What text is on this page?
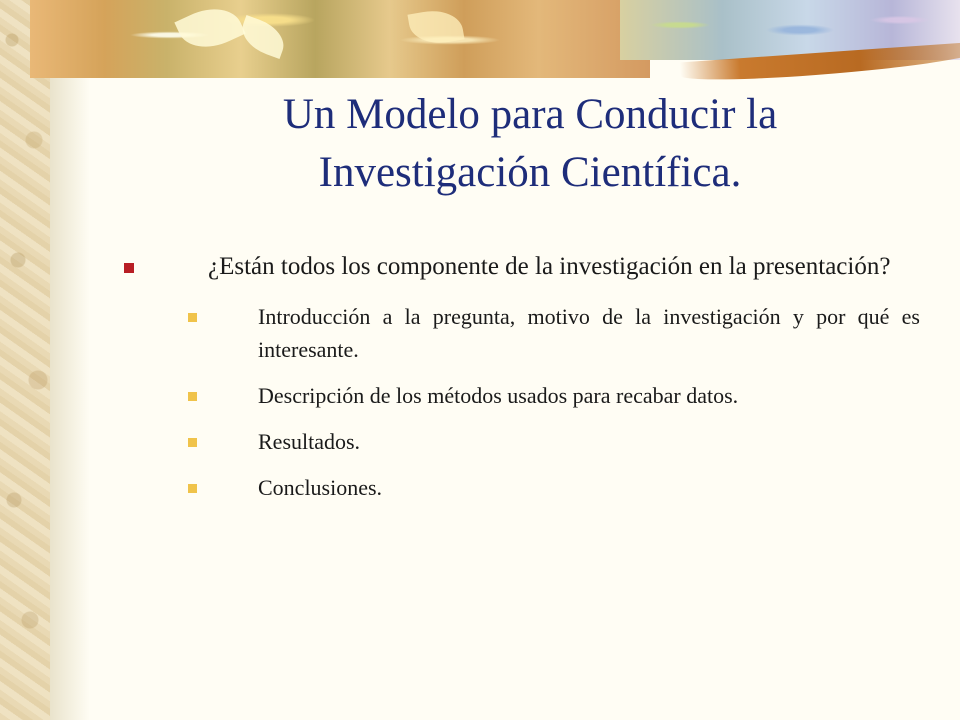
Un Modelo para Conducir la
Investigación Científica.
¿Están todos los componente de la investigación en la presentación?
Introducción a la pregunta, motivo de la investigación y por qué es interesante.
Descripción de los métodos usados para recabar datos.
Resultados.
Conclusiones.
